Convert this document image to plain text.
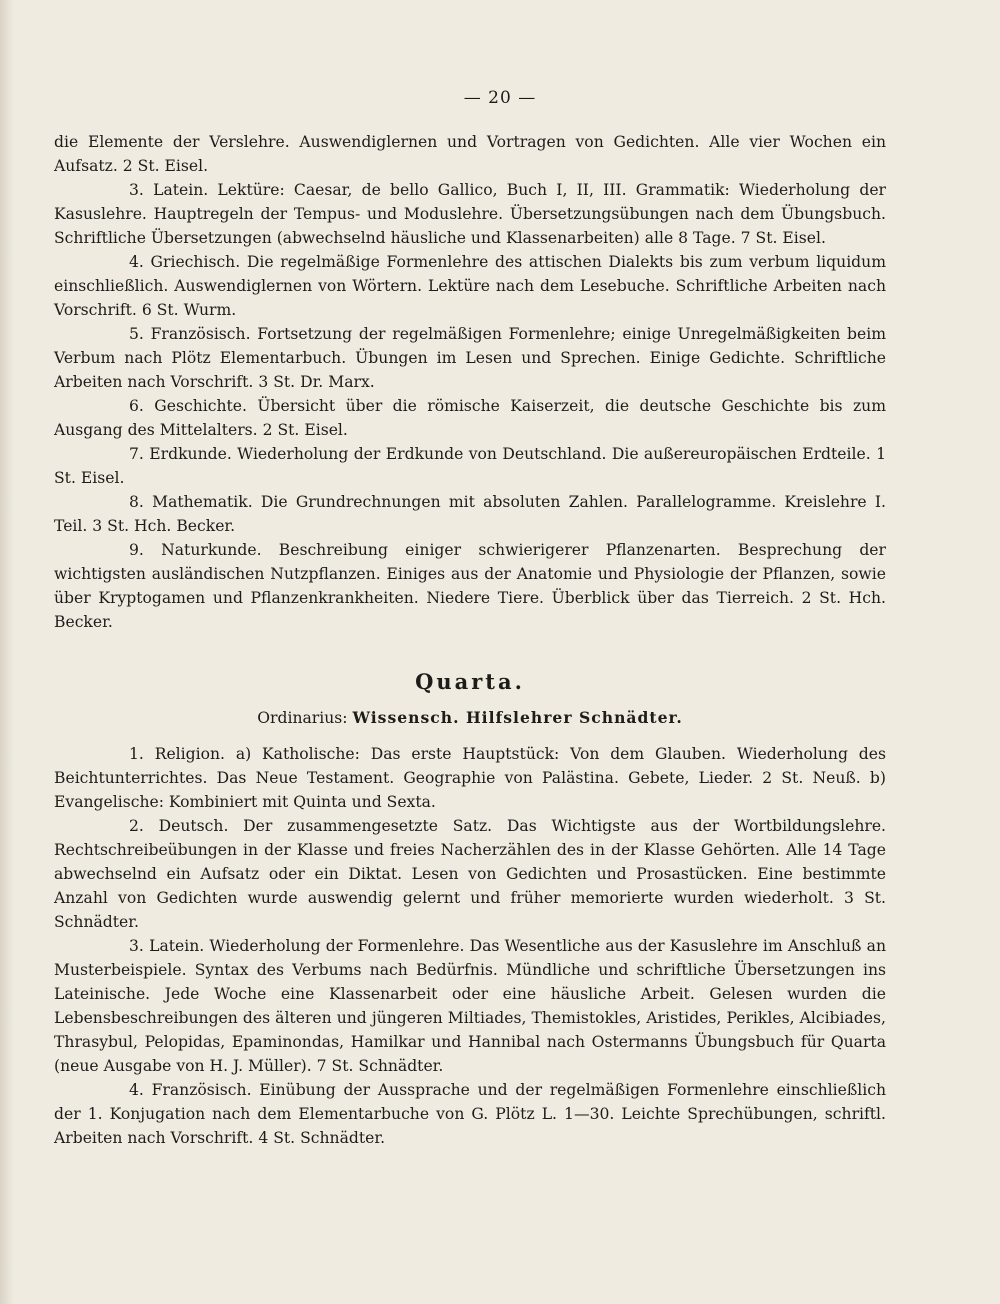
— 20 —

die Elemente der Verslehre. Auswendiglernen und Vortragen von Gedichten. Alle vier Wochen ein Aufsatz. 2 St. Eisel.

3. Latein. Lektüre: Caesar, de bello Gallico, Buch I, II, III. Grammatik: Wiederholung der Kasuslehre. Hauptregeln der Tempus- und Moduslehre. Übersetzungsübungen nach dem Übungsbuch. Schriftliche Übersetzungen (abwechselnd häusliche und Klassenarbeiten) alle 8 Tage. 7 St. Eisel.

4. Griechisch. Die regelmäßige Formenlehre des attischen Dialekts bis zum verbum liquidum einschließlich. Auswendiglernen von Wörtern. Lektüre nach dem Lesebuche. Schriftliche Arbeiten nach Vorschrift. 6 St. Wurm.

5. Französisch. Fortsetzung der regelmäßigen Formenlehre; einige Unregelmäßigkeiten beim Verbum nach Plötz Elementarbuch. Übungen im Lesen und Sprechen. Einige Gedichte. Schriftliche Arbeiten nach Vorschrift. 3 St. Dr. Marx.

6. Geschichte. Übersicht über die römische Kaiserzeit, die deutsche Geschichte bis zum Ausgang des Mittelalters. 2 St. Eisel.

7. Erdkunde. Wiederholung der Erdkunde von Deutschland. Die außereuropäischen Erdteile. 1 St. Eisel.

8. Mathematik. Die Grundrechnungen mit absoluten Zahlen. Parallelogramme. Kreislehre I. Teil. 3 St. Hch. Becker.

9. Naturkunde. Beschreibung einiger schwierigerer Pflanzenarten. Besprechung der wichtigsten ausländischen Nutzpflanzen. Einiges aus der Anatomie und Physiologie der Pflanzen, sowie über Kryptogamen und Pflanzenkrankheiten. Niedere Tiere. Überblick über das Tierreich. 2 St. Hch. Becker.

Quarta.
Ordinarius: Wissensch. Hilfslehrer Schnädter.

1. Religion. a) Katholische: Das erste Hauptstück: Von dem Glauben. Wiederholung des Beichtunterrichtes. Das Neue Testament. Geographie von Palästina. Gebete, Lieder. 2 St. Neuß. b) Evangelische: Kombiniert mit Quinta und Sexta.

2. Deutsch. Der zusammengesetzte Satz. Das Wichtigste aus der Wortbildungslehre. Rechtschreibeübungen in der Klasse und freies Nacherzählen des in der Klasse Gehörten. Alle 14 Tage abwechselnd ein Aufsatz oder ein Diktat. Lesen von Gedichten und Prosastücken. Eine bestimmte Anzahl von Gedichten wurde auswendig gelernt und früher memorierte wurden wiederholt. 3 St. Schnädter.

3. Latein. Wiederholung der Formenlehre. Das Wesentliche aus der Kasuslehre im Anschluß an Musterbeispiele. Syntax des Verbums nach Bedürfnis. Mündliche und schriftliche Übersetzungen ins Lateinische. Jede Woche eine Klassenarbeit oder eine häusliche Arbeit. Gelesen wurden die Lebensbeschreibungen des älteren und jüngeren Miltiades, Themistokles, Aristides, Perikles, Alcibiades, Thrasybul, Pelopidas, Epaminondas, Hamilkar und Hannibal nach Ostermanns Übungsbuch für Quarta (neue Ausgabe von H. J. Müller). 7 St. Schnädter.

4. Französisch. Einübung der Aussprache und der regelmäßigen Formenlehre einschließlich der 1. Konjugation nach dem Elementarbuche von G. Plötz L. 1—30. Leichte Sprechübungen, schriftl. Arbeiten nach Vorschrift. 4 St. Schnädter.
